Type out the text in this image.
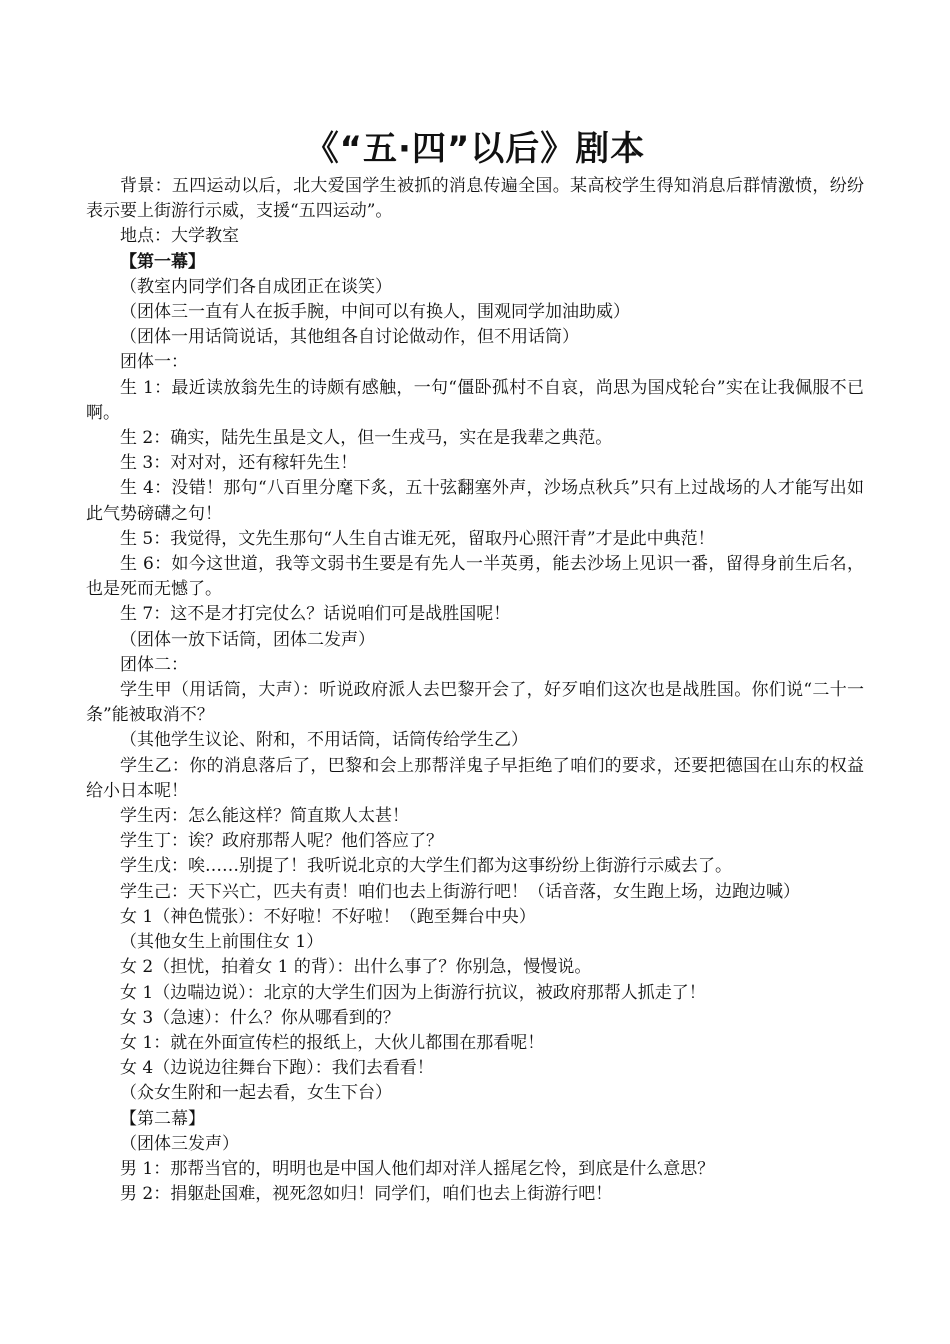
《“五·四”以后》剧本

背景：五四运动以后，北大爱国学生被抓的消息传遍全国。某高校学生得知消息后群情激愤，纷纷表示要上街游行示威，支援“五四运动”。

地点：大学教室

【第一幕】

（教室内同学们各自成团正在谈笑）

（团体三一直有人在扳手腕，中间可以有换人，围观同学加油助威）

（团体一用话筒说话，其他组各自讨论做动作，但不用话筒）

团体一：

生 1：最近读放翁先生的诗颇有感触，一句“僵卧孤村不自哀，尚思为国戍轮台”实在让我佩服不已啊。

生 2：确实，陆先生虽是文人，但一生戎马，实在是我辈之典范。

生 3：对对对，还有稼轩先生！

生 4：没错！那句“八百里分麾下炙，五十弦翻塞外声，沙场点秋兵”只有上过战场的人才能写出如此气势磅礴之句！

生 5：我觉得，文先生那句“人生自古谁无死，留取丹心照汗青”才是此中典范！

生 6：如今这世道，我等文弱书生要是有先人一半英勇，能去沙场上见识一番，留得身前生后名，也是死而无憾了。

生 7：这不是才打完仗么？话说咱们可是战胜国呢！

（团体一放下话筒，团体二发声）

团体二：

学生甲（用话筒，大声）：听说政府派人去巴黎开会了，好歹咱们这次也是战胜国。你们说“二十一条”能被取消不？

（其他学生议论、附和，不用话筒，话筒传给学生乙）

学生乙：你的消息落后了，巴黎和会上那帮洋鬼子早拒绝了咱们的要求，还要把德国在山东的权益给小日本呢！

学生丙：怎么能这样？简直欺人太甚！

学生丁：诶？政府那帮人呢？他们答应了？

学生戊：唉……别提了！我听说北京的大学生们都为这事纷纷上街游行示威去了。

学生己：天下兴亡，匹夫有责！咱们也去上街游行吧！（话音落，女生跑上场，边跑边喊）

女 1（神色慌张）：不好啦！不好啦！（跑至舞台中央）

（其他女生上前围住女 1）

女 2（担忧，拍着女 1 的背）：出什么事了？你别急，慢慢说。

女 1（边喘边说）：北京的大学生们因为上街游行抗议，被政府那帮人抓走了！

女 3（急速）：什么？你从哪看到的？

女 1：就在外面宣传栏的报纸上，大伙儿都围在那看呢！

女 4（边说边往舞台下跑）：我们去看看！

（众女生附和一起去看，女生下台）

【第二幕】

（团体三发声）

男 1：那帮当官的，明明也是中国人他们却对洋人摇尾乞怜，到底是什么意思？

男 2：捐躯赴国难，视死忽如归！同学们，咱们也去上街游行吧！
